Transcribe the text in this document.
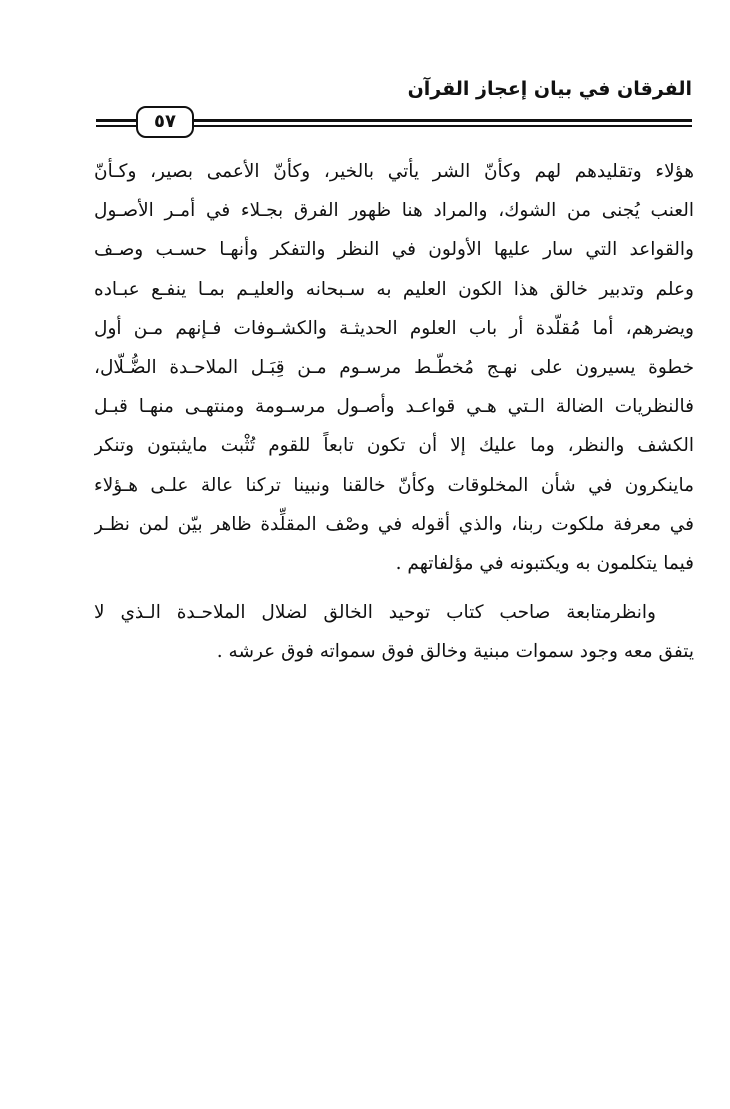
الفرقان في بيان إعجاز القرآن
٥٧
هؤلاء وتقليدهم لهم وكأنّ الشر يأتي بالخير، وكأنّ الأعمى بصير، وكـأنّ
العنب يُجنى من الشوك، والمراد هنا ظهور الفرق بجـلاء في أمـر الأصـول
والقواعد التي سار عليها الأولون في النظر والتفكر وأنهـا حسـب وصـف
وعلم وتدبير خالق هذا الكون العليم به سـبحانه والعليـم بمـا ينفـع عبـاده
ويضرهم، أما مُقلّدة أر باب العلوم الحديثـة والكشـوفات فـإنهم مـن أول
خطوة يسيرون على نهـج مُخطّـط مرسـوم مـن قِبَـل الملاحـدة الضُّـلّال،
فالنظريات الضالة الـتي هـي قواعـد وأصـول مرسـومة ومنتهـى منهـا قبـل
الكشف والنظر، وما عليك إلا أن تكون تابعاً للقوم تُثْبت مايثبتون وتنكر
ماينكرون في شأن المخلوقات وكأنّ خالقنا ونبينا تركنا عالة علـى هـؤلاء
في معرفة ملكوت ربنا، والذي أقوله في وصْف المقلِّدة ظاهر بيّن لمن نظـر
فيما يتكلمون به ويكتبونه في مؤلفاتهم .
وانظرمتابعة صاحب كتاب توحيد الخالق لضلال الملاحـدة الـذي لا
يتفق معه وجود سموات مبنية وخالق فوق سمواته فوق عرشه .
